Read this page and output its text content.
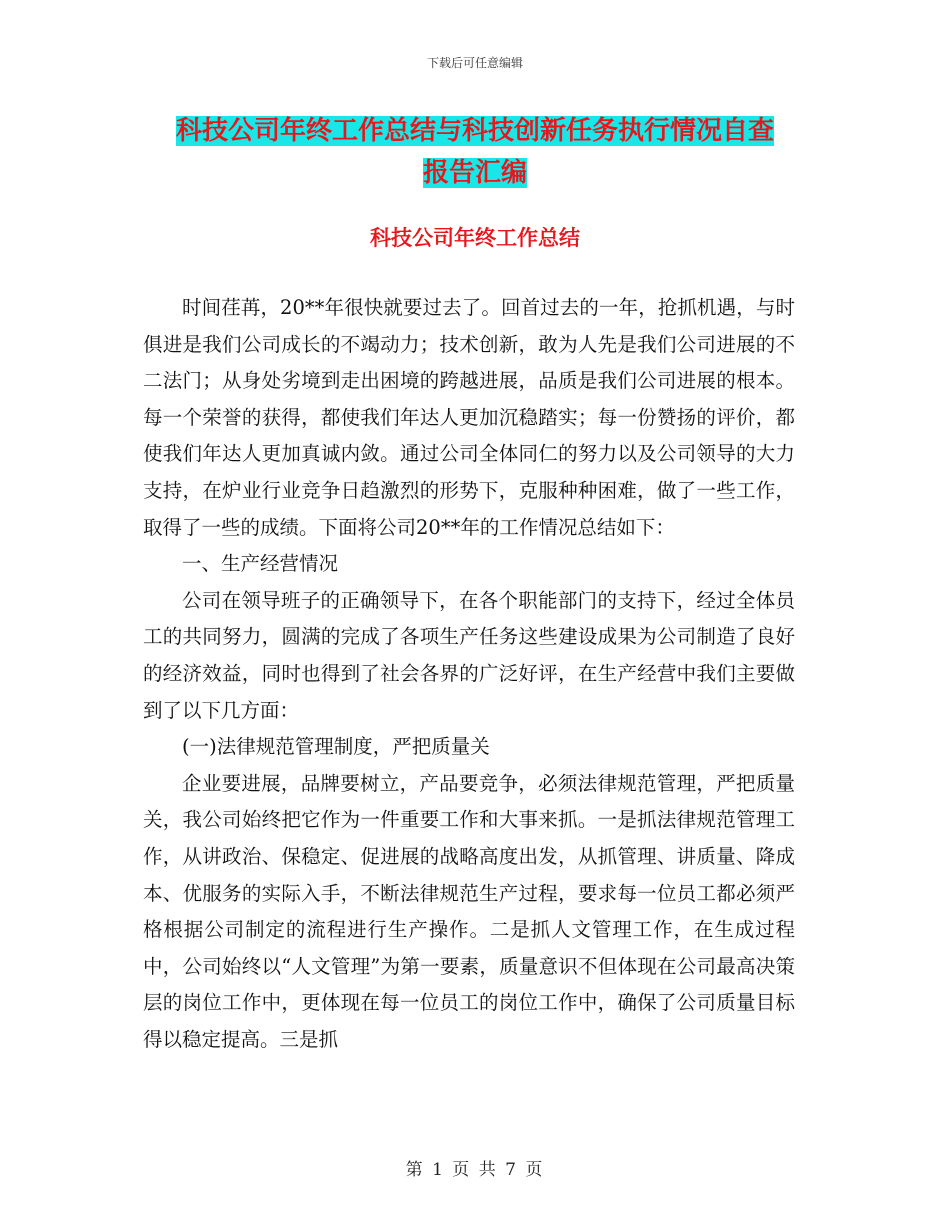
下载后可任意编辑
科技公司年终工作总结与科技创新任务执行情况自查
报告汇编
科技公司年终工作总结

时间荏苒，20**年很快就要过去了。回首过去的一年，抢抓机遇，与时俱进是我们公司成长的不竭动力；技术创新，敢为人先是我们公司进展的不二法门；从身处劣境到走出困境的跨越进展，品质是我们公司进展的根本。每一个荣誉的获得，都使我们年达人更加沉稳踏实；每一份赞扬的评价，都使我们年达人更加真诚内敛。通过公司全体同仁的努力以及公司领导的大力支持，在炉业行业竞争日趋激烈的形势下，克服种种困难，做了一些工作，取得了一些的成绩。下面将公司20**年的工作情况总结如下：

一、生产经营情况

公司在领导班子的正确领导下，在各个职能部门的支持下，经过全体员工的共同努力，圆满的完成了各项生产任务这些建设成果为公司制造了良好的经济效益，同时也得到了社会各界的广泛好评，在生产经营中我们主要做到了以下几方面：

(一)法律规范管理制度，严把质量关

企业要进展，品牌要树立，产品要竞争，必须法律规范管理，严把质量关，我公司始终把它作为一件重要工作和大事来抓。一是抓法律规范管理工作，从讲政治、保稳定、促进展的战略高度出发，从抓管理、讲质量、降成本、优服务的实际入手，不断法律规范生产过程，要求每一位员工都必须严格根据公司制定的流程进行生产操作。二是抓人文管理工作，在生成过程中，公司始终以“人文管理”为第一要素，质量意识不但体现在公司最高决策层的岗位工作中，更体现在每一位员工的岗位工作中，确保了公司质量目标得以稳定提高。三是抓

第 1 页 共 7 页
